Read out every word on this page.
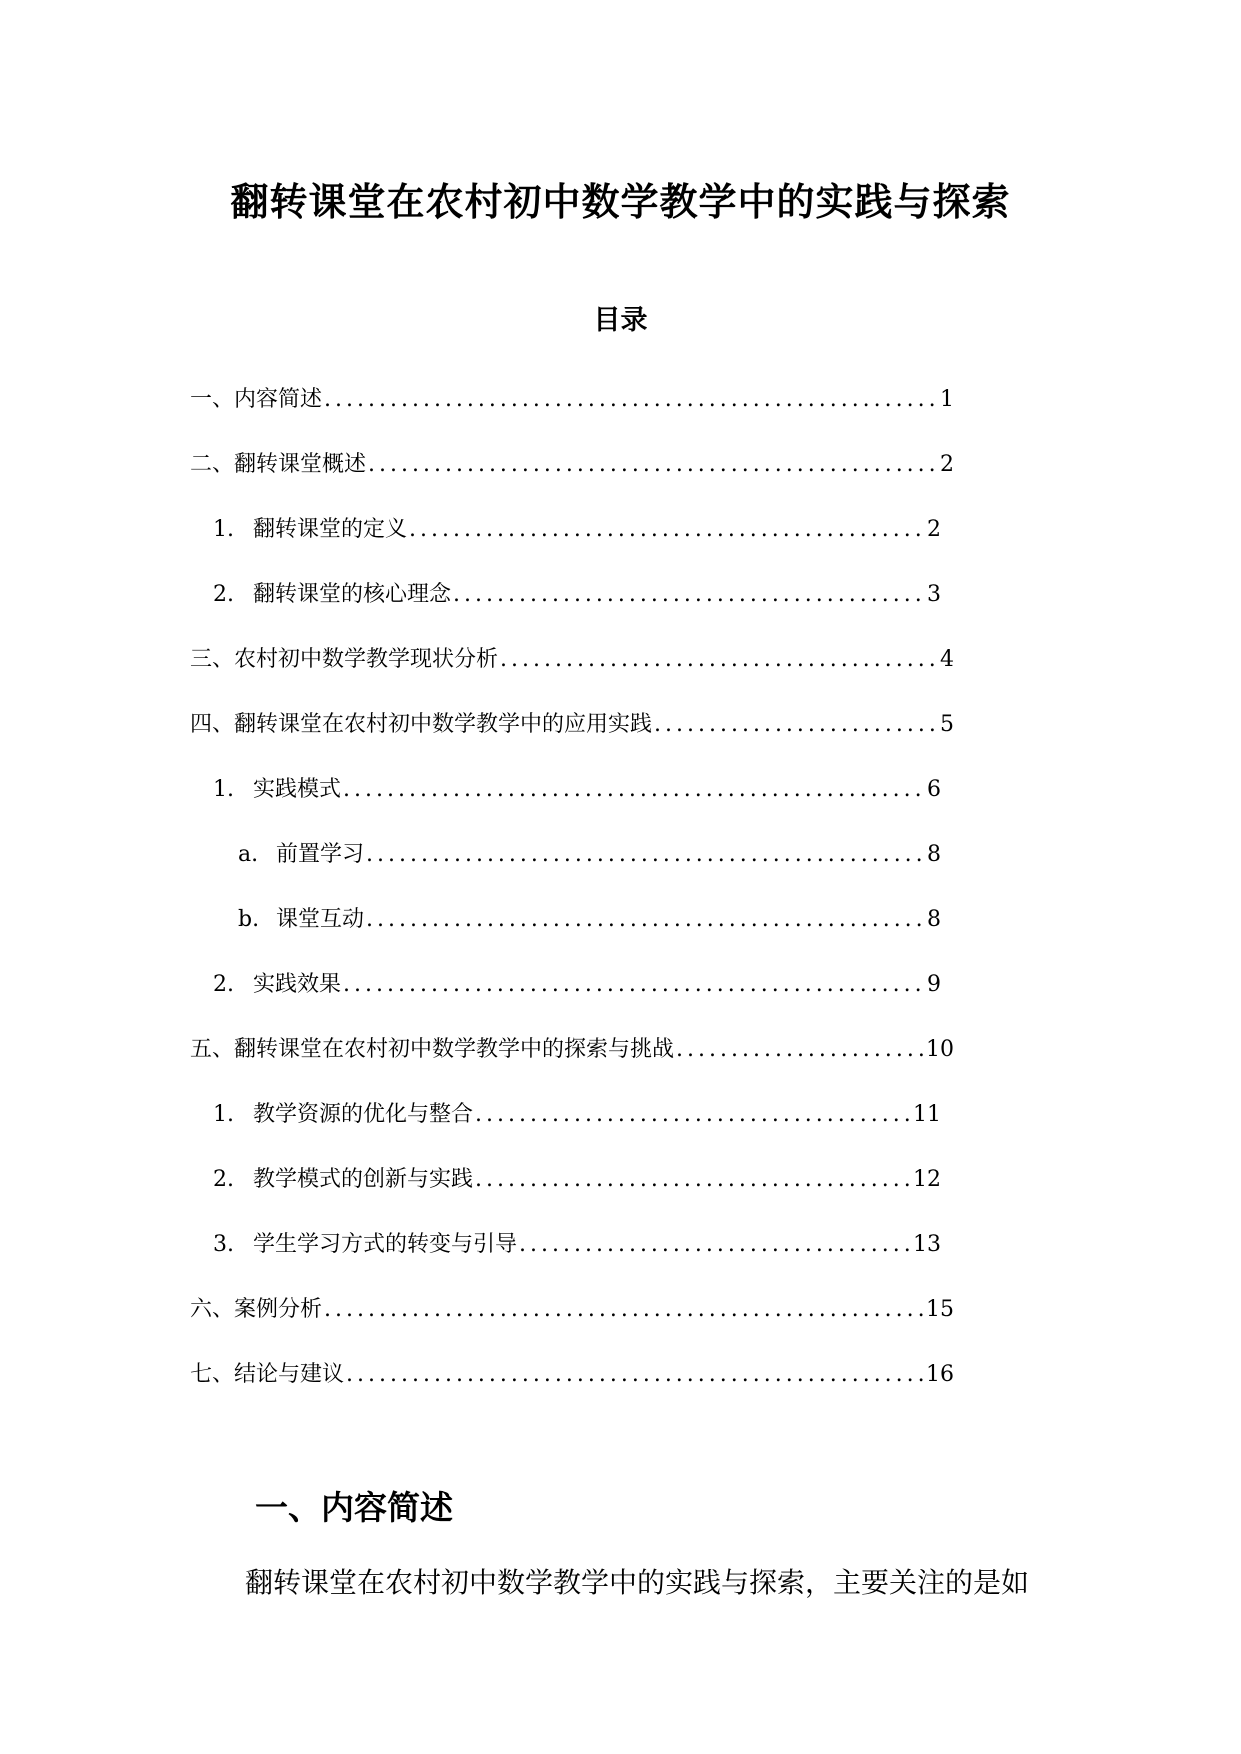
翻转课堂在农村初中数学教学中的实践与探索
目录
一、内容简述 .....	1
二、翻转课堂概述 .....	2
1. 翻转课堂的定义 .....	2
2. 翻转课堂的核心理念 .....	3
三、农村初中数学教学现状分析 .....	4
四、翻转课堂在农村初中数学教学中的应用实践 .....	5
1. 实践模式 .....	6
a. 前置学习 .....	8
b. 课堂互动 .....	8
2. 实践效果 .....	9
五、翻转课堂在农村初中数学教学中的探索与挑战 .....	10
1. 教学资源的优化与整合 .....	11
2. 教学模式的创新与实践 .....	12
3. 学生学习方式的转变与引导 .....	13
六、案例分析 .....	15
七、结论与建议 .....	16
一、内容简述

翻转课堂在农村初中数学教学中的实践与探索，主要关注的是如
